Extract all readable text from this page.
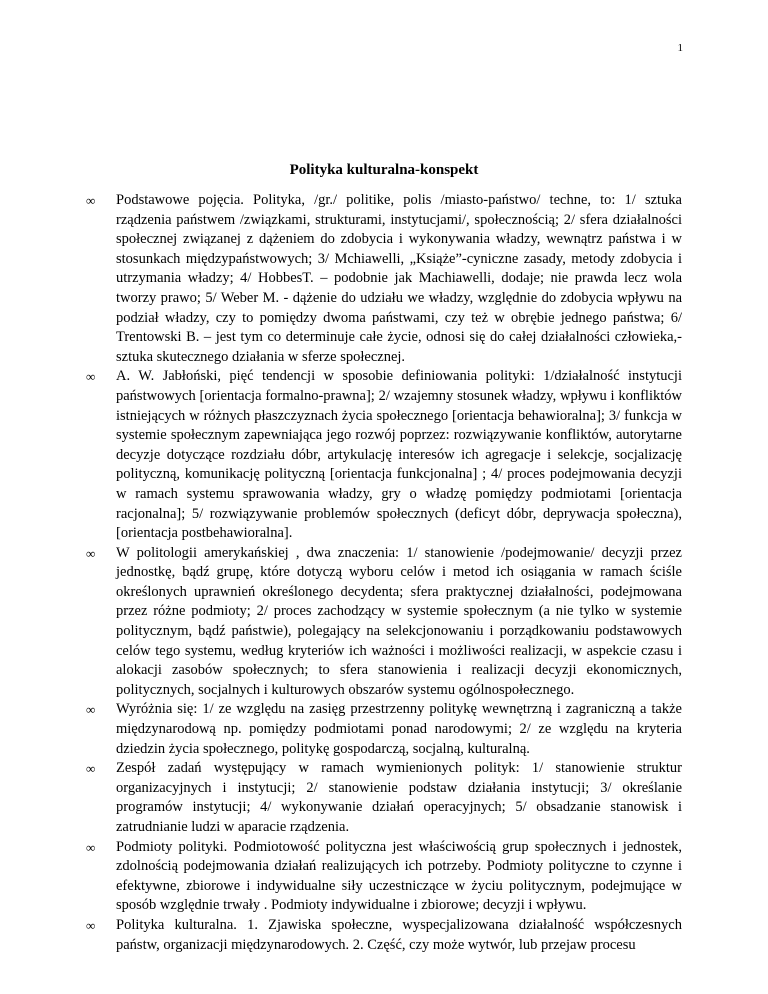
1
Polityka kulturalna-konspekt
∞ Podstawowe pojęcia. Polityka, /gr./ politike, polis /miasto-państwo/ techne, to: 1/ sztuka rządzenia państwem /związkami, strukturami, instytucjami/, społecznością; 2/ sfera działalności społecznej związanej z dążeniem do zdobycia i wykonywania władzy, wewnątrz państwa i w stosunkach międzypaństwowych; 3/ Mchiawelli, „Książe”-cyniczne zasady, metody zdobycia i utrzymania władzy; 4/ HobbesT. – podobnie jak Machiawelli, dodaje; nie prawda lecz wola tworzy prawo; 5/ Weber M. - dążenie do udziału we władzy, względnie do zdobycia wpływu na podział władzy, czy to pomiędzy dwoma państwami, czy też w obrębie jednego państwa; 6/ Trentowski B. – jest tym co determinuje całe życie, odnosi się do całej działalności człowieka,-sztuka skutecznego działania w sferze społecznej.
∞ A. W. Jabłoński, pięć tendencji w sposobie definiowania polityki: 1/działalność instytucji państwowych [orientacja formalno-prawna]; 2/ wzajemny stosunek władzy, wpływu i konfliktów istniejących w różnych płaszczyznach życia społecznego [orientacja behawioralna]; 3/ funkcja w systemie społecznym zapewniająca jego rozwój poprzez: rozwiązywanie konfliktów, autorytarne decyzje dotyczące rozdziału dóbr, artykulację interesów ich agregacje i selekcje, socjalizację polityczną, komunikację polityczną [orientacja funkcjonalna] ; 4/ proces podejmowania decyzji w ramach systemu sprawowania władzy, gry o władzę pomiędzy podmiotami [orientacja racjonalna]; 5/ rozwiązywanie problemów społecznych (deficyt dóbr, deprywacja społeczna), [orientacja postbehawioralna].
∞ W politologii amerykańskiej , dwa znaczenia: 1/ stanowienie /podejmowanie/ decyzji przez jednostkę, bądź grupę, które dotyczą wyboru celów i metod ich osiągania w ramach ściśle określonych uprawnień określonego decydenta; sfera praktycznej działalności, podejmowana przez różne podmioty; 2/ proces zachodzący w systemie społecznym (a nie tylko w systemie politycznym, bądź państwie), polegający na selekcjonowaniu i porządkowaniu podstawowych celów tego systemu, według kryteriów ich ważności i możliwości realizacji, w aspekcie czasu i alokacji zasobów społecznych; to sfera stanowienia i realizacji decyzji ekonomicznych, politycznych, socjalnych i kulturowych obszarów systemu ogólnospołecznego.
∞ Wyróżnia się: 1/ ze względu na zasięg przestrzenny politykę wewnętrzną i zagraniczną a także międzynarodową np. pomiędzy podmiotami ponad narodowymi; 2/ ze względu na kryteria dziedzin życia społecznego, politykę gospodarczą, socjalną, kulturalną.
∞ Zespół zadań występujący w ramach wymienionych polityk: 1/ stanowienie struktur organizacyjnych i instytucji; 2/ stanowienie podstaw działania instytucji; 3/ określanie programów instytucji; 4/ wykonywanie działań operacyjnych; 5/ obsadzanie stanowisk i zatrudnianie ludzi w aparacie rządzenia.
∞ Podmioty polityki. Podmiotowość polityczna jest właściwością grup społecznych i jednostek, zdolnością podejmowania działań realizujących ich potrzeby. Podmioty polityczne to czynne i efektywne, zbiorowe i indywidualne siły uczestniczące w życiu politycznym, podejmujące w sposób względnie trwały . Podmioty indywidualne i zbiorowe; decyzji i wpływu.
∞ Polityka kulturalna. 1. Zjawiska społeczne, wyspecjalizowana działalność współczesnych państw, organizacji międzynarodowych. 2. Część, czy może wytwór, lub przejaw procesu
